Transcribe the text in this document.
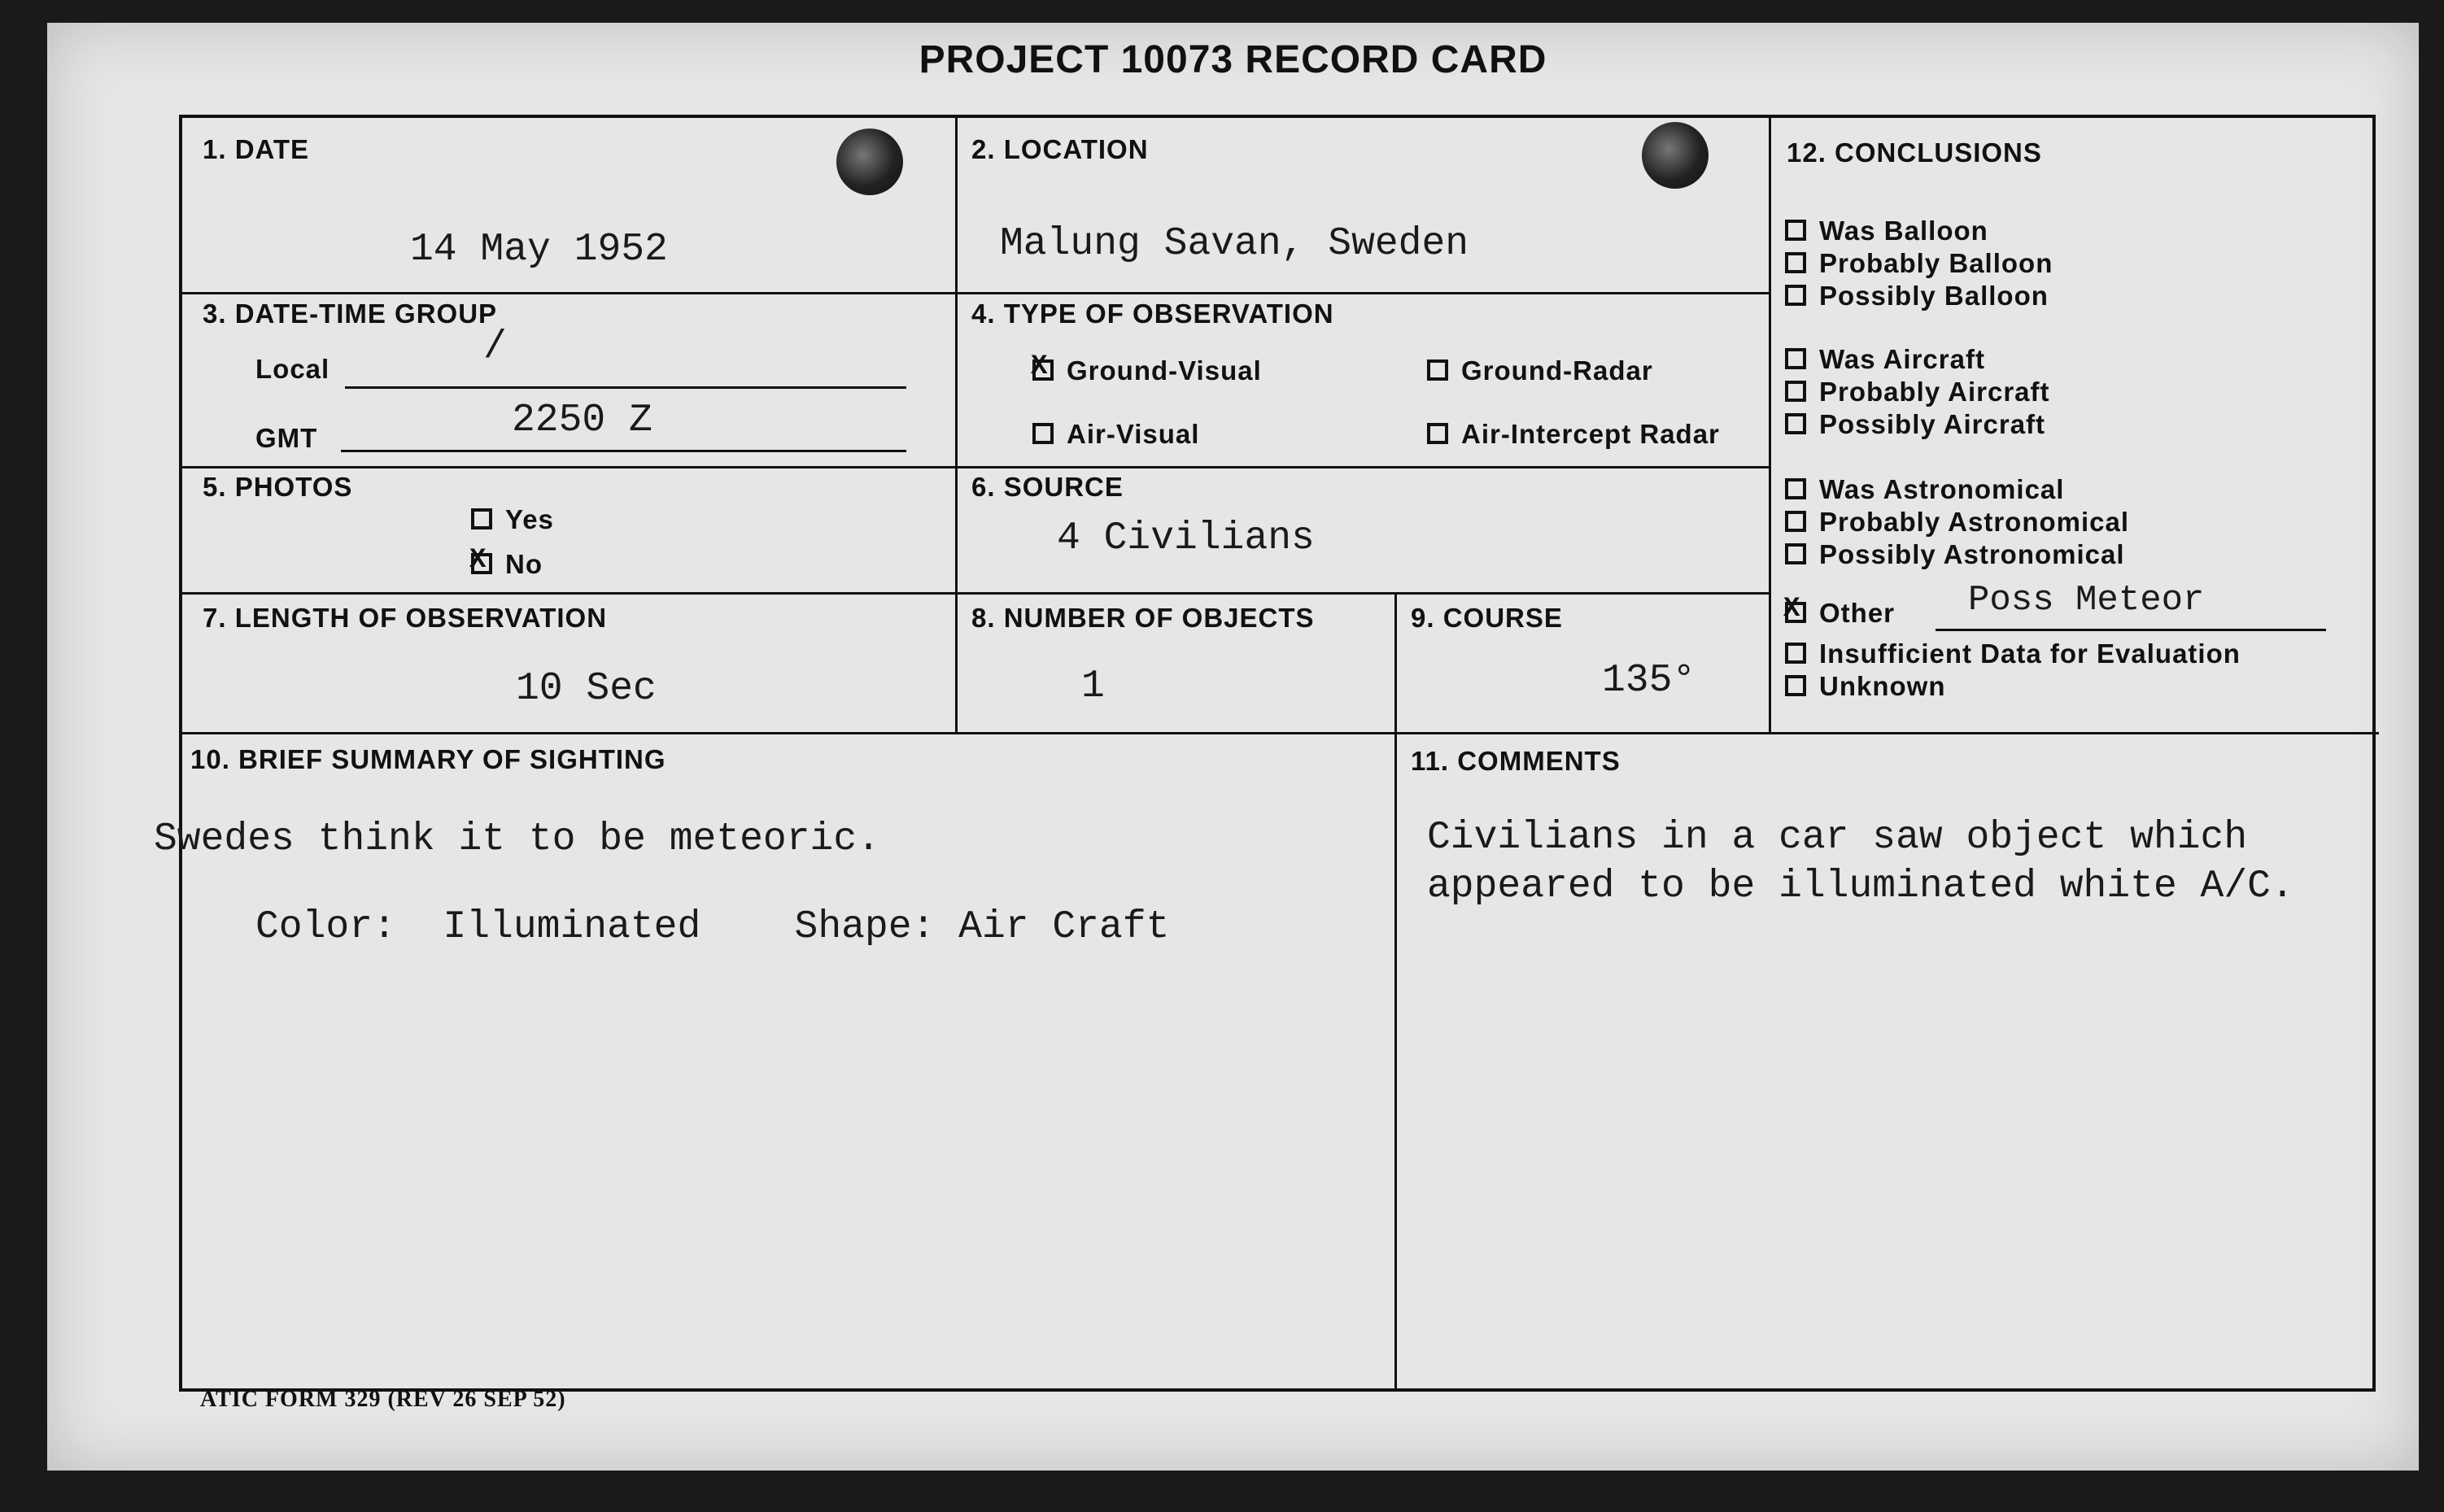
PROJECT 10073 RECORD CARD
1. DATE
14 May 1952
2. LOCATION
Malung Savan, Sweden
3. DATE-TIME GROUP
Local	/
GMT	2250 Z
4. TYPE OF OBSERVATION
XGround-Visual	Ground-Radar
Air-Visual	Air-Intercept Radar
5. PHOTOS
Yes
XNo
6. SOURCE
4 Civilians
7. LENGTH OF OBSERVATION
10 Sec
8. NUMBER OF OBJECTS
1
9. COURSE
135°
10. BRIEF SUMMARY OF SIGHTING
Swedes think it to be meteoric.
Color:  Illuminated    Shape: Air Craft
11. COMMENTS
Civilians in a car saw object which
appeared to be illuminated white A/C.
12. CONCLUSIONS
Was Balloon
Probably Balloon
Possibly Balloon
Was Aircraft
Probably Aircraft
Possibly Aircraft
Was Astronomical
Probably Astronomical
Possibly Astronomical
XOther Poss Meteor
Insufficient Data for Evaluation
Unknown
ATIC FORM 329 (REV 26 SEP 52)
